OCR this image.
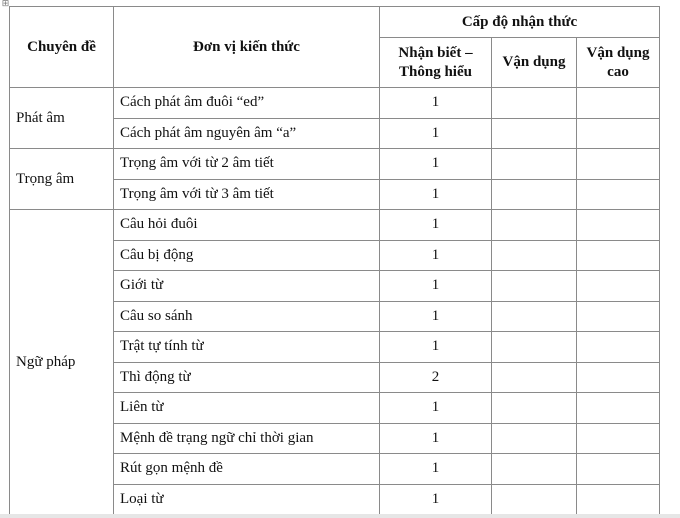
⊞
Chuyên đề	Đơn vị kiến thức	Cấp độ nhận thức		
		Nhận biết – Thông hiểu	Vận dụng	Vận dụng cao
Phát âm	Cách phát âm đuôi “ed”	1		
	Cách phát âm nguyên âm “a”	1		
Trọng âm	Trọng âm với từ 2 âm tiết	1		
	Trọng âm với từ 3 âm tiết	1		
Ngữ pháp	Câu hỏi đuôi	1		
	Câu bị động	1		
	Giới từ	1		
	Câu so sánh	1		
	Trật tự tính từ	1		
	Thì động từ	2		
	Liên từ	1		
	Mệnh đề trạng ngữ chỉ thời gian	1		
	Rút gọn mệnh đề	1		
	Loại từ	1		
